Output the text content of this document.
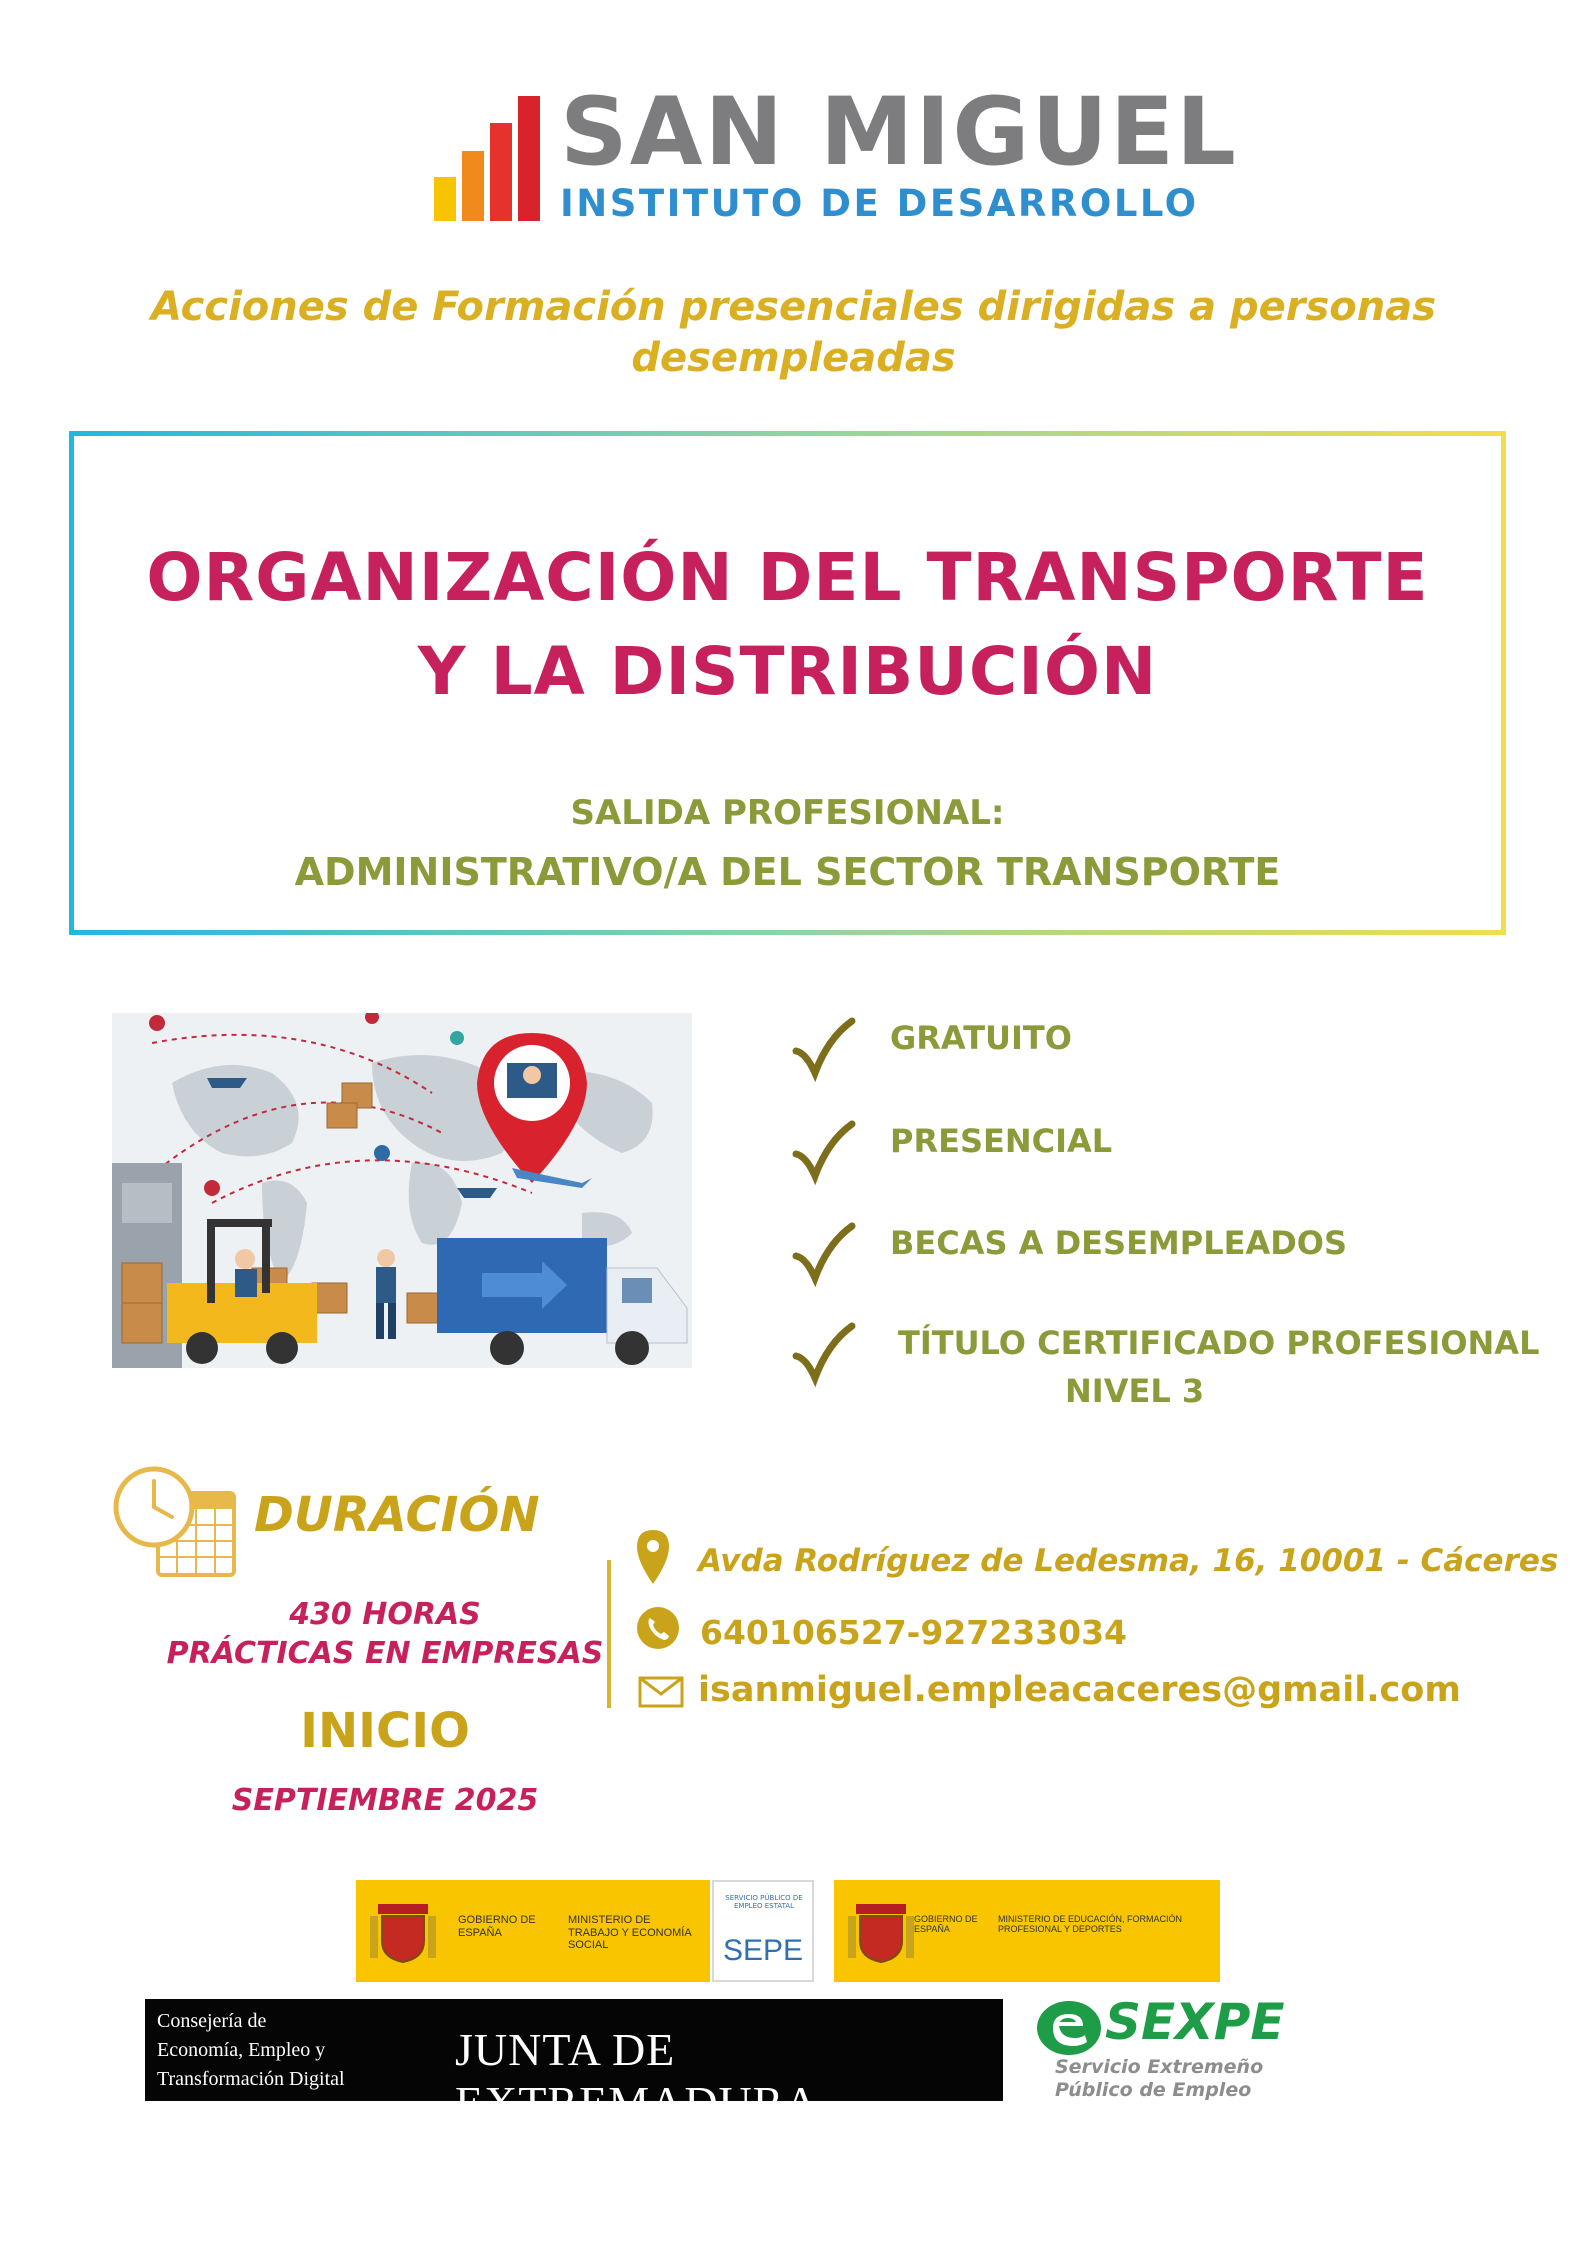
SAN MIGUEL
INSTITUTO DE DESARROLLO
Acciones de Formación presenciales dirigidas a personas desempleadas
ORGANIZACIÓN DEL TRANSPORTE
Y LA DISTRIBUCIÓN
SALIDA PROFESIONAL:
ADMINISTRATIVO/A DEL SECTOR TRANSPORTE
GRATUITO
PRESENCIAL
BECAS A DESEMPLEADOS
TÍTULO CERTIFICADO PROFESIONAL
NIVEL 3
DURACIÓN
430 HORAS
PRÁCTICAS EN EMPRESAS
INICIO
SEPTIEMBRE 2025
Avda Rodríguez de Ledesma, 16, 10001 - Cáceres
640106527-927233034
isanmiguel.empleacaceres@gmail.com
GOBIERNO DE ESPAÑA
MINISTERIO DE TRABAJO Y ECONOMÍA SOCIAL
SERVICIO PÚBLICO DE EMPLEO ESTATAL
SEPE
GOBIERNO DE ESPAÑA
MINISTERIO DE EDUCACIÓN, FORMACIÓN PROFESIONAL Y DEPORTES
Consejería de
Economía, Empleo y
Transformación Digital
JUNTA DE EXTREMADURA
SEXPE
Servicio Extremeño
Público de Empleo
